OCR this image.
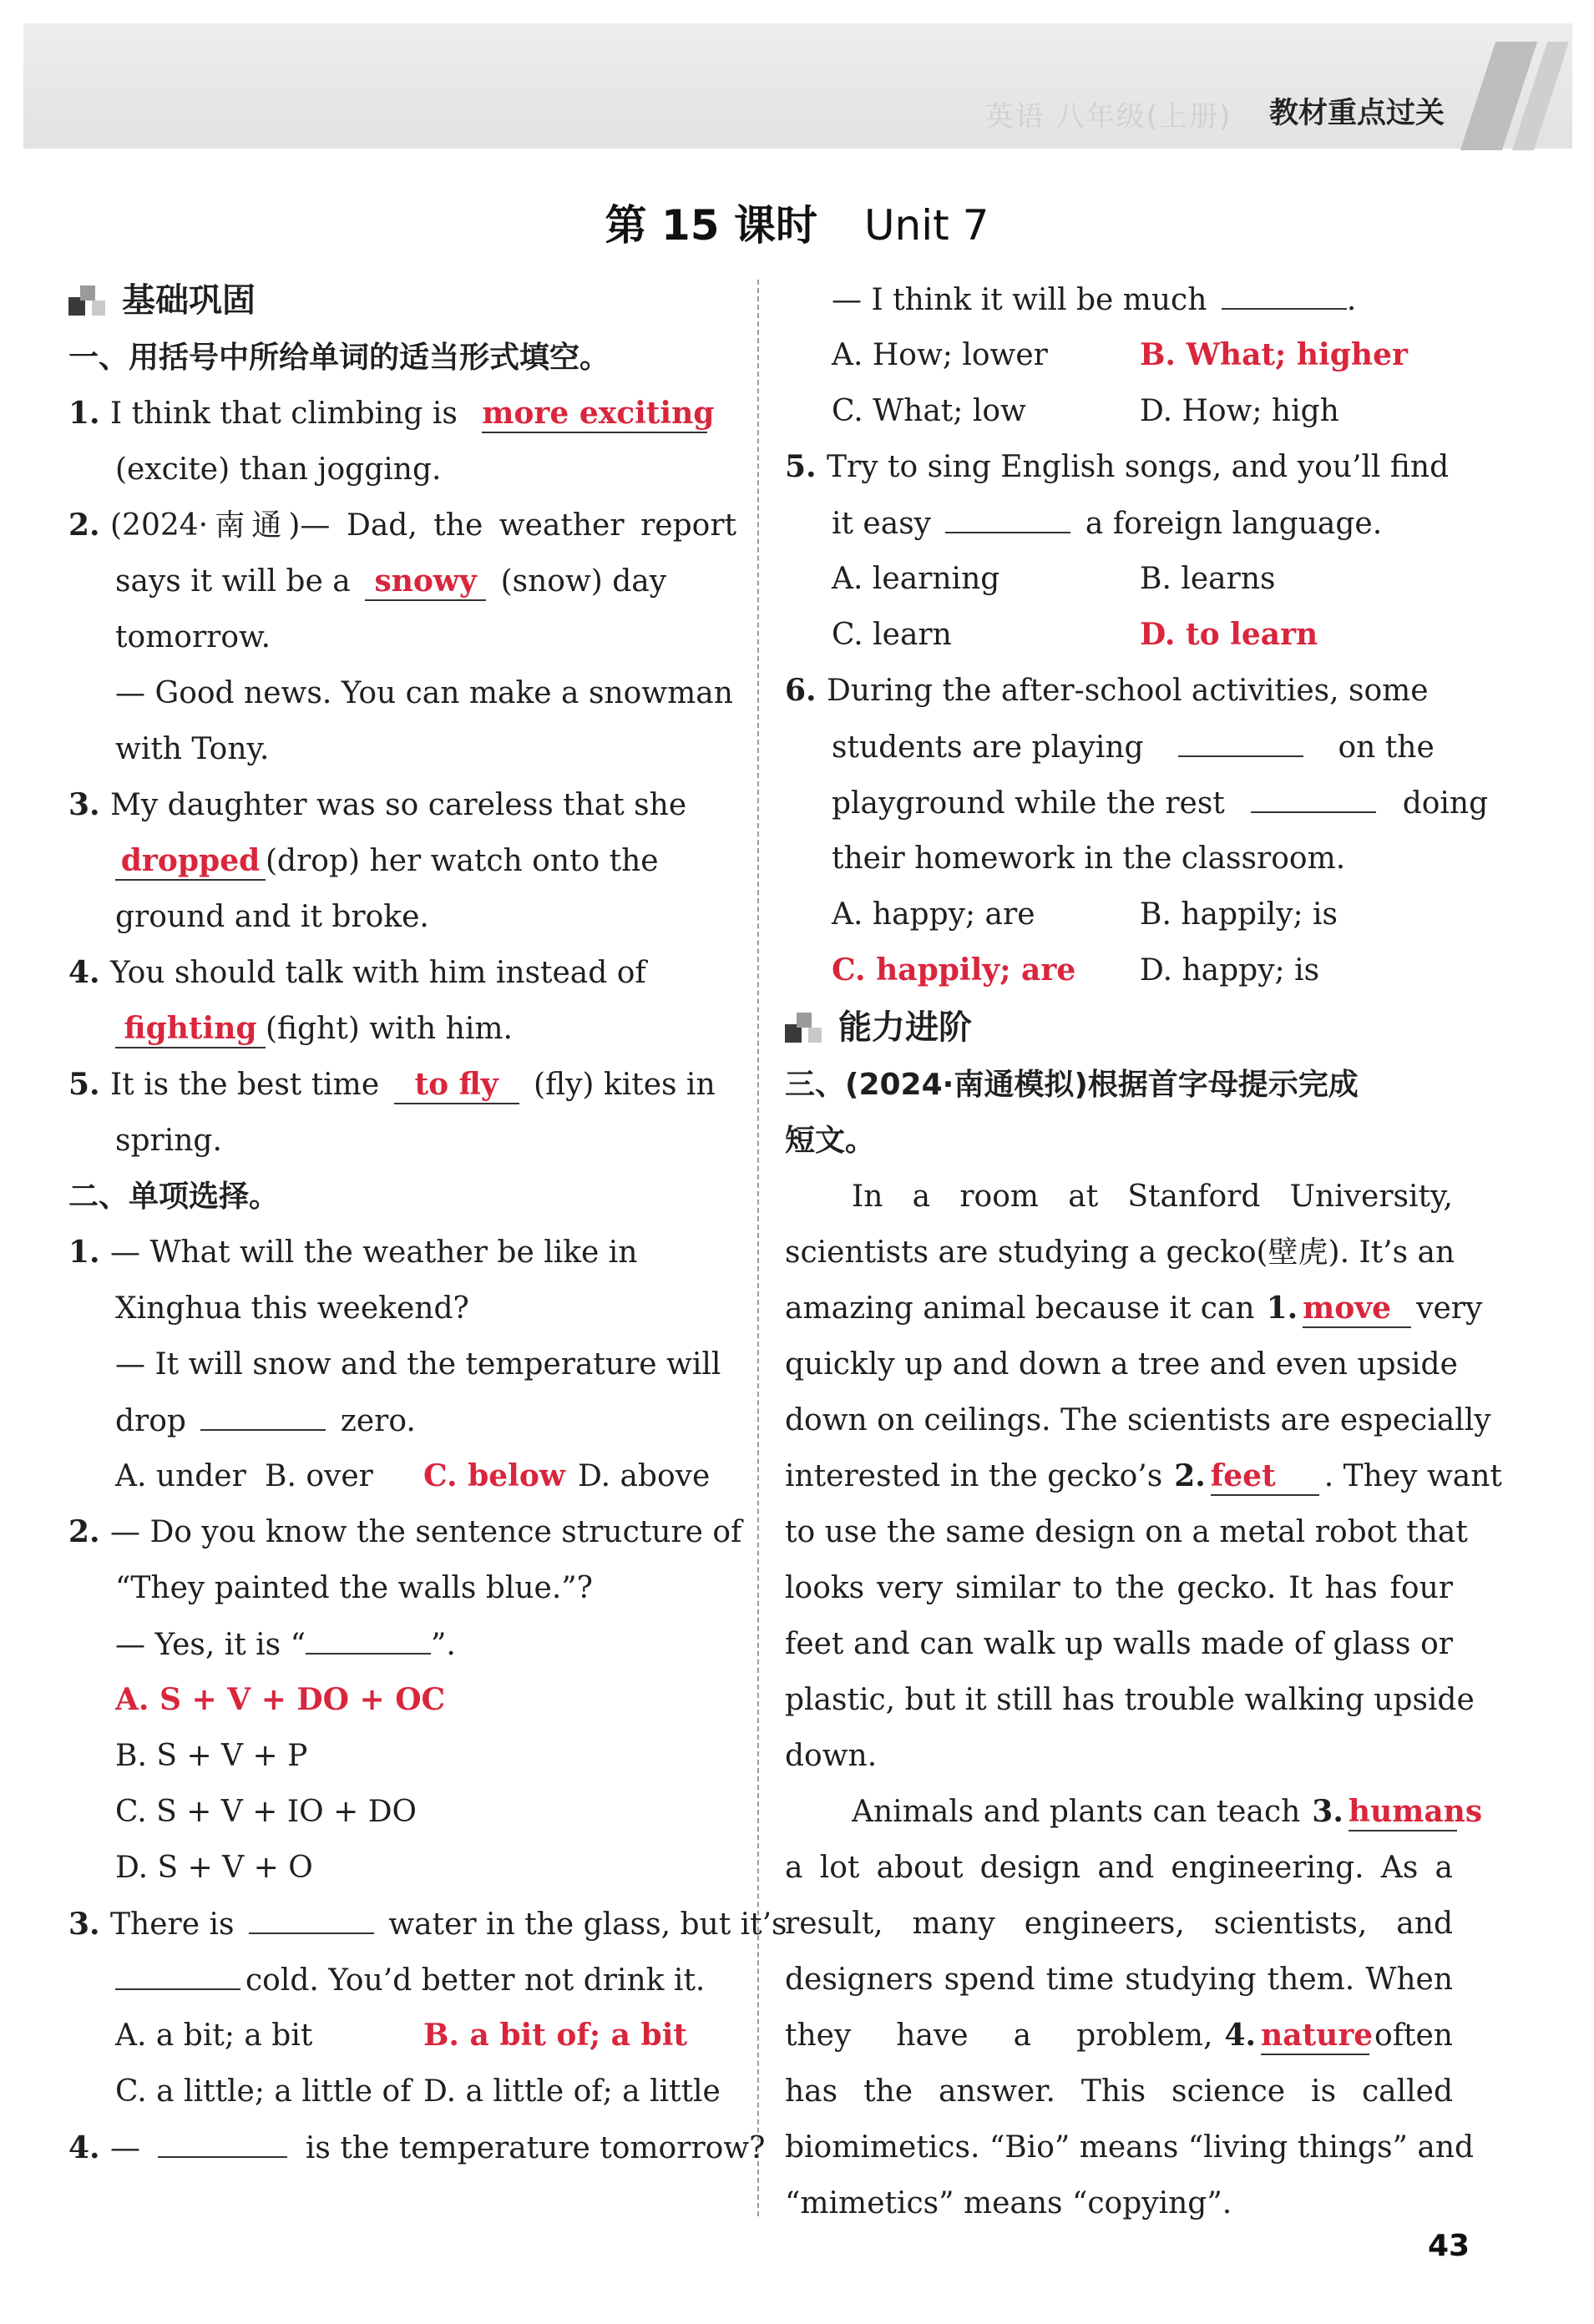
英语 八年级(上册) 教材重点过关
第 15 课时 Unit 7
基础巩固
一、用括号中所给单词的适当形式填空。
1. I think that climbing is more exciting
(excite) than jogging.
2. (2024·南通)— Dad, the weather report
says it will be a snowy (snow) day
tomorrow.
— Good news. You can make a snowman
with Tony.
3. My daughter was so careless that she
dropped (drop) her watch onto the
ground and it broke.
4. You should talk with him instead of
fighting (fight) with him.
5. It is the best time to fly (fly) kites in
spring.
二、单项选择。
1. — What will the weather be like in
Xinghua this weekend?
— It will snow and the temperature will
drop	zero.
A. under B. over C. below D. above
2. — Do you know the sentence structure of
“They painted the walls blue.”?
— Yes, it is “	”.
A. S + V + DO + OC
B. S + V + P
C. S + V + IO + DO
D. S + V + O
3. There is	water in the glass, but it’s
cold. You’d better not drink it.
A. a bit; a bit	B. a bit of; a bit
C. a little; a little of D. a little of; a little
4. —	is the temperature tomorrow?
— I think it will be much	.
A. How; lower	B. What; higher
C. What; low	D. How; high
5. Try to sing English songs, and you’ll find
it easy	a foreign language.
A. learning	B. learns
C. learn	D. to learn
6. During the after-school activities, some
students are playing	on the
playground while the rest	doing
their homework in the classroom.
A. happy; are	B. happily; is
C. happily; are D. happy; is
能力进阶
三、(2024·南通模拟)根据首字母提示完成
短文。
In a room at Stanford University,
scientists are studying a gecko(壁虎). It’s an
amazing animal because it can 1. move very
quickly up and down a tree and even upside
down on ceilings. The scientists are especially
interested in the gecko’s 2. feet . They want
to use the same design on a metal robot that
looks very similar to the gecko. It has four
feet and can walk up walls made of glass or
plastic, but it still has trouble walking upside
down.
Animals and plants can teach 3. humans
a lot about design and engineering. As a
result, many engineers, scientists, and
designers spend time studying them. When
they have a problem, 4. natureoften
has the answer. This science is called
biomimetics. “Bio” means “living things” and
“mimetics” means “copying”.
43
